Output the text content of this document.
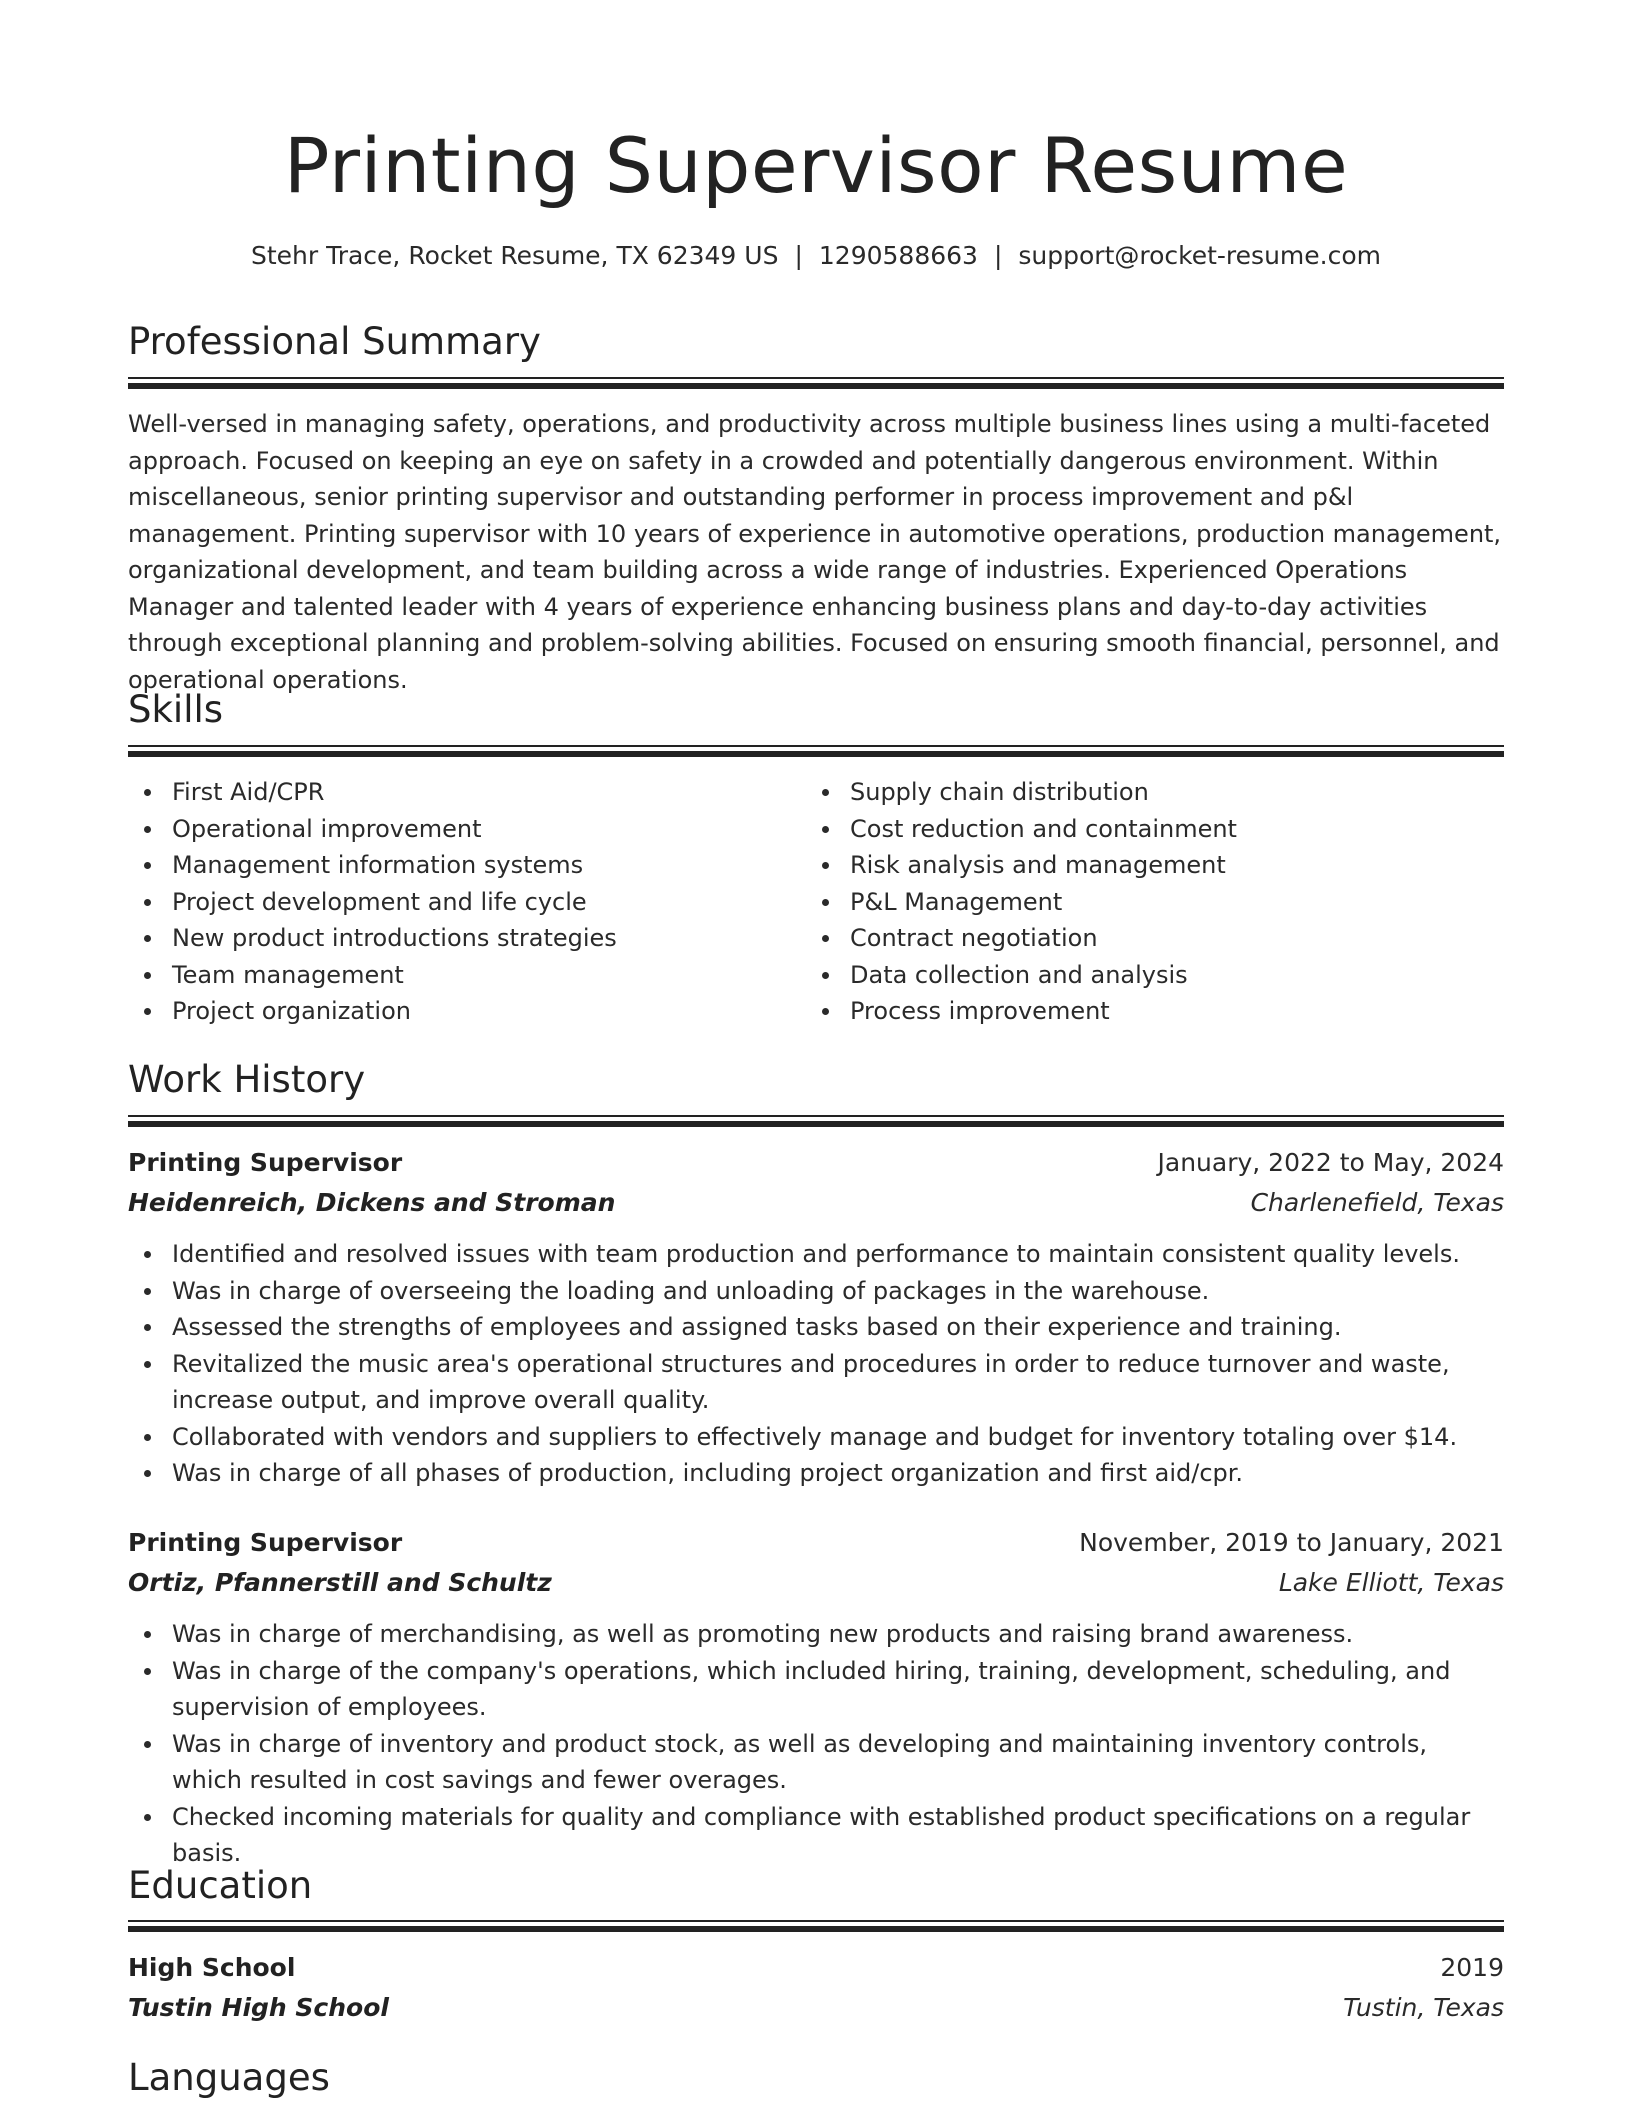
Printing Supervisor Resume
Stehr Trace, Rocket Resume, TX 62349 US | 1290588663 | support@rocket-resume.com
Professional Summary

Well-versed in managing safety, operations, and productivity across multiple business lines using a multi-faceted approach. Focused on keeping an eye on safety in a crowded and potentially dangerous environment. Within miscellaneous, senior printing supervisor and outstanding performer in process improvement and p&l management. Printing supervisor with 10 years of experience in automotive operations, production management, organizational development, and team building across a wide range of industries. Experienced Operations Manager and talented leader with 4 years of experience enhancing business plans and day-to-day activities through exceptional planning and problem-solving abilities. Focused on ensuring smooth financial, personnel, and operational operations.

Skills
First Aid/CPR
Operational improvement
Management information systems
Project development and life cycle
New product introductions strategies
Team management
Project organization
Supply chain distribution
Cost reduction and containment
Risk analysis and management
P&L Management
Contract negotiation
Data collection and analysis
Process improvement
Work History
Printing Supervisor	January, 2022 to May, 2024
Heidenreich, Dickens and Stroman	Charlenefield, Texas
Identified and resolved issues with team production and performance to maintain consistent quality levels.
Was in charge of overseeing the loading and unloading of packages in the warehouse.
Assessed the strengths of employees and assigned tasks based on their experience and training.
Revitalized the music area's operational structures and procedures in order to reduce turnover and waste, increase output, and improve overall quality.
Collaborated with vendors and suppliers to effectively manage and budget for inventory totaling over $14.
Was in charge of all phases of production, including project organization and first aid/cpr.
Printing Supervisor	November, 2019 to January, 2021
Ortiz, Pfannerstill and Schultz	Lake Elliott, Texas
Was in charge of merchandising, as well as promoting new products and raising brand awareness.
Was in charge of the company's operations, which included hiring, training, development, scheduling, and supervision of employees.
Was in charge of inventory and product stock, as well as developing and maintaining inventory controls, which resulted in cost savings and fewer overages.
Checked incoming materials for quality and compliance with established product specifications on a regular basis.
Education
High School	2019
Tustin High School	Tustin, Texas
Languages
